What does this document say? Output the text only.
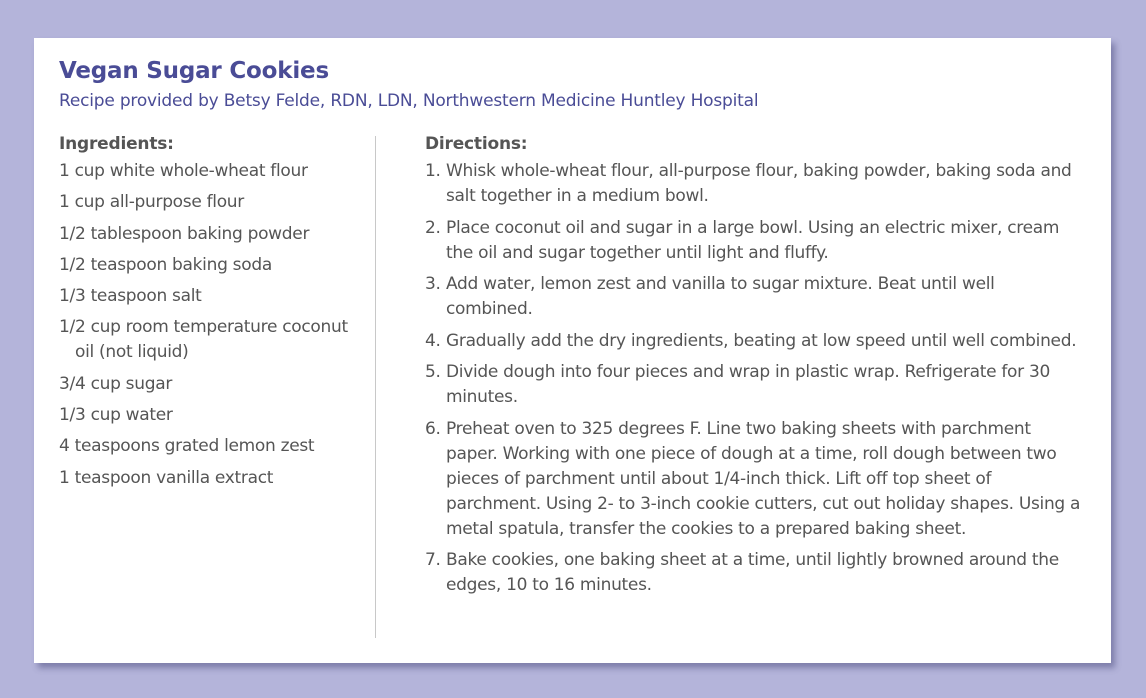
Vegan Sugar Cookies

Recipe provided by Betsy Felde, RDN, LDN, Northwestern Medicine Huntley Hospital

Ingredients:
1 cup white whole-wheat flour
1 cup all-purpose flour
1/2 tablespoon baking powder
1/2 teaspoon baking soda
1/3 teaspoon salt
1/2 cup room temperature coconut oil (not liquid)
3/4 cup sugar
1/3 cup water
4 teaspoons grated lemon zest
1 teaspoon vanilla extract
Directions:
1. Whisk whole-wheat flour, all-purpose flour, baking powder, baking soda and salt together in a medium bowl.
2. Place coconut oil and sugar in a large bowl. Using an electric mixer, cream the oil and sugar together until light and fluffy.
3. Add water, lemon zest and vanilla to sugar mixture. Beat until well combined.
4. Gradually add the dry ingredients, beating at low speed until well combined.
5. Divide dough into four pieces and wrap in plastic wrap. Refrigerate for 30 minutes.
6. Preheat oven to 325 degrees F. Line two baking sheets with parchment paper. Working with one piece of dough at a time, roll dough between two pieces of parchment until about 1/4-inch thick. Lift off top sheet of parchment. Using 2- to 3-inch cookie cutters, cut out holiday shapes. Using a metal spatula, transfer the cookies to a prepared baking sheet.
7. Bake cookies, one baking sheet at a time, until lightly browned around the edges, 10 to 16 minutes.
